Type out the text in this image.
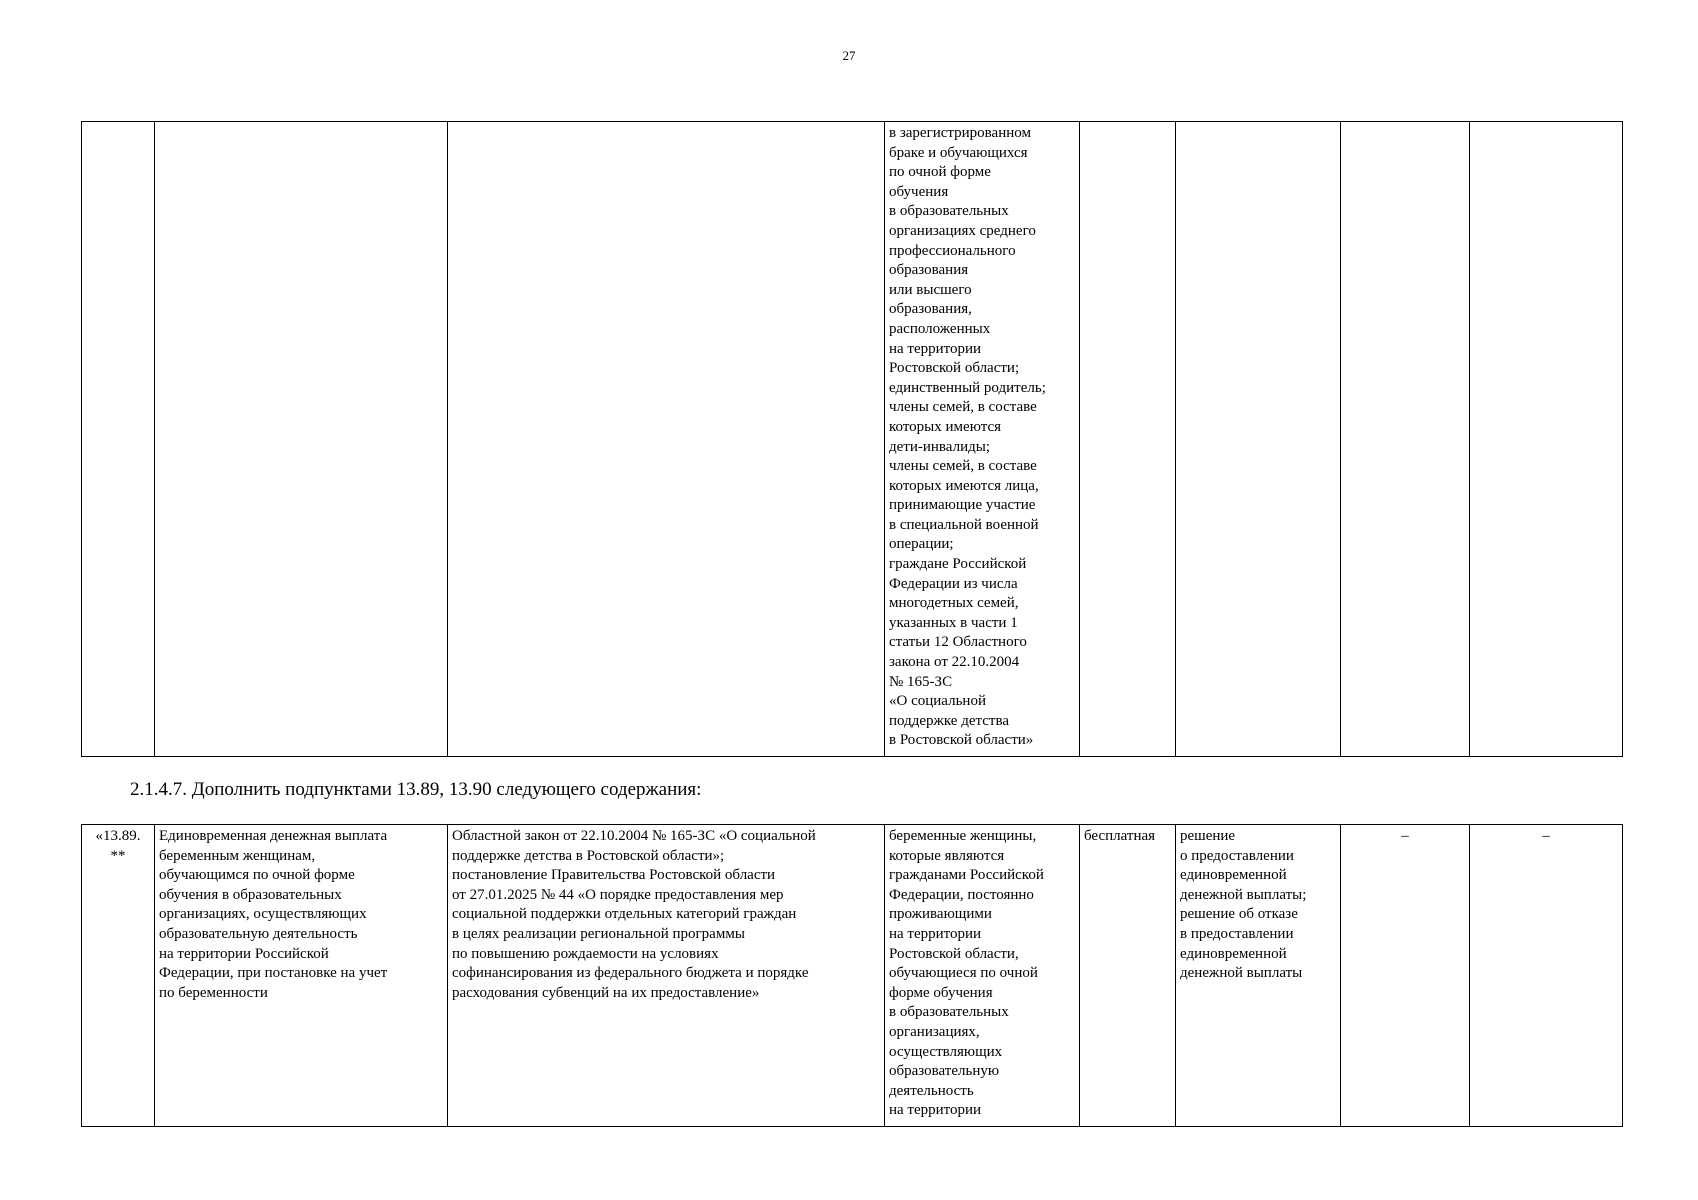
27
			в зарегистрированном
браке и обучающихся
по очной форме
обучения
в образовательных
организациях среднего
профессионального
образования
или высшего
образования,
расположенных
на территории
Ростовской области;
единственный родитель;
члены семей, в составе
которых имеются
дети-инвалиды;
члены семей, в составе
которых имеются лица,
принимающие участие
в специальной военной
операции;
граждане Российской
Федерации из числа
многодетных семей,
указанных в части 1
статьи 12 Областного
закона от 22.10.2004
№ 165-ЗС
«О социальной
поддержке детства
в Ростовской области»				
2.1.4.7. Дополнить подпунктами 13.89, 13.90 следующего содержания:
«13.89.
**	Единовременная денежная выплата
беременным женщинам,
обучающимся по очной форме
обучения в образовательных
организациях, осуществляющих
образовательную деятельность
на территории Российской
Федерации, при постановке на учет
по беременности	Областной закон от 22.10.2004 № 165-ЗС «О социальной
поддержке детства в Ростовской области»;
постановление Правительства Ростовской области
от 27.01.2025 № 44 «О порядке предоставления мер
социальной поддержки отдельных категорий граждан
в целях реализации региональной программы
по повышению рождаемости на условиях
софинансирования из федерального бюджета и порядке
расходования субвенций на их предоставление»	беременные женщины,
которые являются
гражданами Российской
Федерации, постоянно
проживающими
на территории
Ростовской области,
обучающиеся по очной
форме обучения
в образовательных
организациях,
осуществляющих
образовательную
деятельность
на территории	бесплатная	решение
о предоставлении
единовременной
денежной выплаты;
решение об отказе
в предоставлении
единовременной
денежной выплаты	–	–
